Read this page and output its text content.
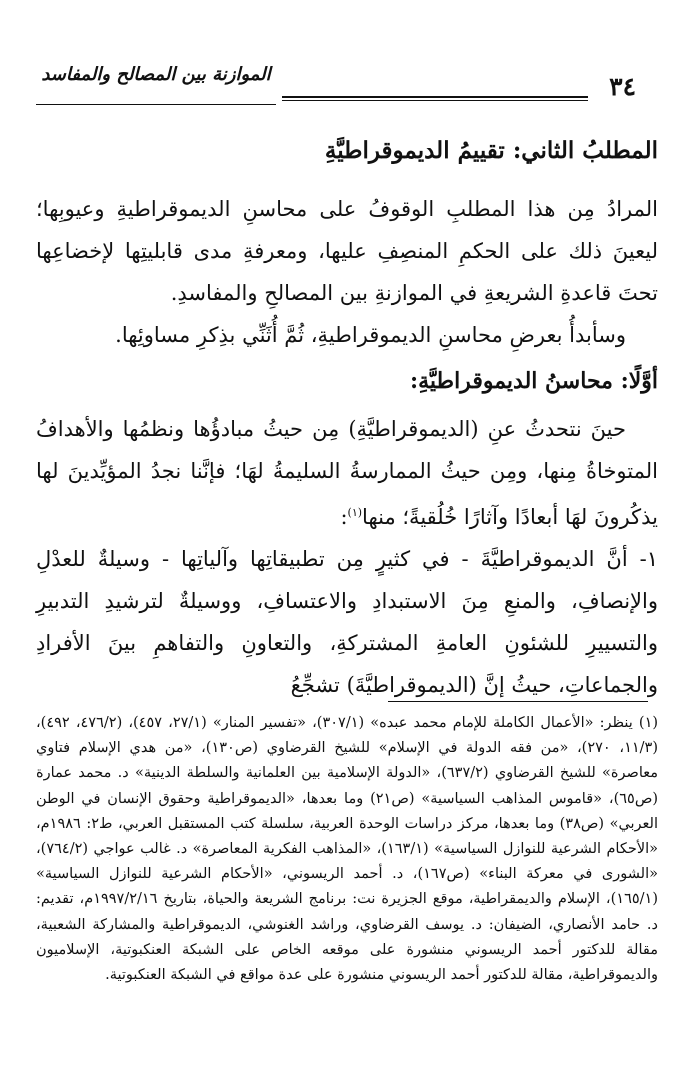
٣٤
الموازنة بين المصالح والمفاسد

المطلبُ الثاني: تقييمُ الديموقراطيَّةِ

المرادُ مِن هذا المطلبِ الوقوفُ على محاسنِ الديموقراطيةِ وعيوبِها؛ ليعينَ ذلك على الحكمِ المنصِفِ عليها، ومعرفةِ مدى قابليتِها لإخضاعِها تحتَ قاعدةِ الشريعةِ في الموازنةِ بين المصالحِ والمفاسدِ.

وسأبدأُ بعرضِ محاسنِ الديموقراطيةِ، ثُمَّ أُثَنِّي بذِكرِ مساوئِها.

أوَّلًا: محاسنُ الديموقراطيَّةِ:

حينَ نتحدثُ عنِ (الديموقراطيَّةِ) مِن حيثُ مبادؤُها ونظمُها والأهدافُ المتوخاةُ مِنها، ومِن حيثُ الممارسةُ السليمةُ لهَا؛ فإنَّنا نجدُ المؤيِّدينَ لها يذكُرونَ لهَا أبعادًا وآثارًا خُلُقيةً؛ منها$^{(١)}$:

١- أنَّ الديموقراطيَّةَ - في كثيرٍ مِن تطبيقاتِها وآلياتِها - وسيلةٌ للعدْلِ والإنصافِ، والمنعِ مِنَ الاستبدادِ والاعتسافِ، ووسيلةٌ لترشيدِ التدبيرِ والتسييرِ للشئونِ العامةِ المشتركةِ، والتعاونِ والتفاهمِ بينَ الأفرادِ والجماعاتِ، حيثُ إنَّ (الديموقراطيَّةَ) تشجِّعُ

(١) ينظر: «الأعمال الكاملة للإمام محمد عبده» (٣٠٧/١)، «تفسير المنار» (٢٧/١، ٤٥٧)، (٤٧٦/٢، ٤٩٢)، (١١/٣، ٢٧٠)، «من فقه الدولة في الإسلام» للشيخ القرضاوي (ص١٣٠)، «من هدي الإسلام فتاوي معاصرة» للشيخ القرضاوي (٦٣٧/٢)، «الدولة الإسلامية بين العلمانية والسلطة الدينية» د. محمد عمارة (ص٦٥)، «قاموس المذاهب السياسية» (ص٢١) وما بعدها، «الديموقراطية وحقوق الإنسان في الوطن العربي» (ص٣٨) وما بعدها، مركز دراسات الوحدة العربية، سلسلة كتب المستقبل العربي، ط٢: ١٩٨٦م، «الأحكام الشرعية للنوازل السياسية» (١٦٣/١)، «المذاهب الفكرية المعاصرة» د. غالب عواجي (٧٦٤/٢)، «الشورى في معركة البناء» (ص١٦٧)، د. أحمد الريسوني، «الأحكام الشرعية للنوازل السياسية» (١٦٥/١)، الإسلام والديمقراطية، موقع الجزيرة نت: برنامج الشريعة والحياة، بتاريخ ١٩٩٧/٢/١٦م، تقديم: د. حامد الأنصاري، الضيفان: د. يوسف القرضاوي، وراشد الغنوشي، الديموقراطية والمشاركة الشعبية، مقالة للدكتور أحمد الريسوني منشورة على موقعه الخاص على الشبكة العنكبوتية، الإسلاميون والديموقراطية، مقالة للدكتور أحمد الريسوني منشورة على عدة مواقع في الشبكة العنكبوتية.
